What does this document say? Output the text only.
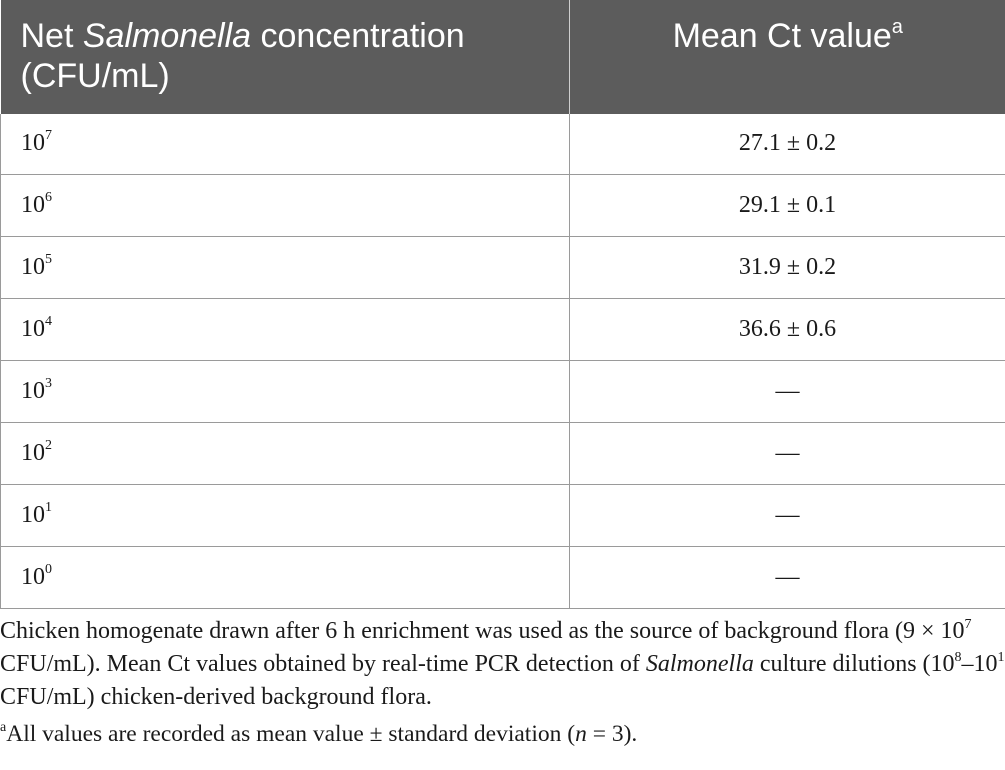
Net Salmonella concentration
(CFU/mL)	Mean Ct value$^a$
$10^7$	27.1 ± 0.2
$10^6$	29.1 ± 0.1
$10^5$	31.9 ± 0.2
$10^4$	36.6 ± 0.6
$10^3$	—
$10^2$	—
$10^1$	—
$10^0$	—

Chicken homogenate drawn after 6 h enrichment was used as the source of background flora ($9 \times 10^7$ CFU/mL). Mean Ct values obtained by real-time PCR detection of Salmonella culture dilutions ($10^8-10^1$ CFU/mL) chicken-derived background flora.

$^a$All values are recorded as mean value ± standard deviation (n = 3).
